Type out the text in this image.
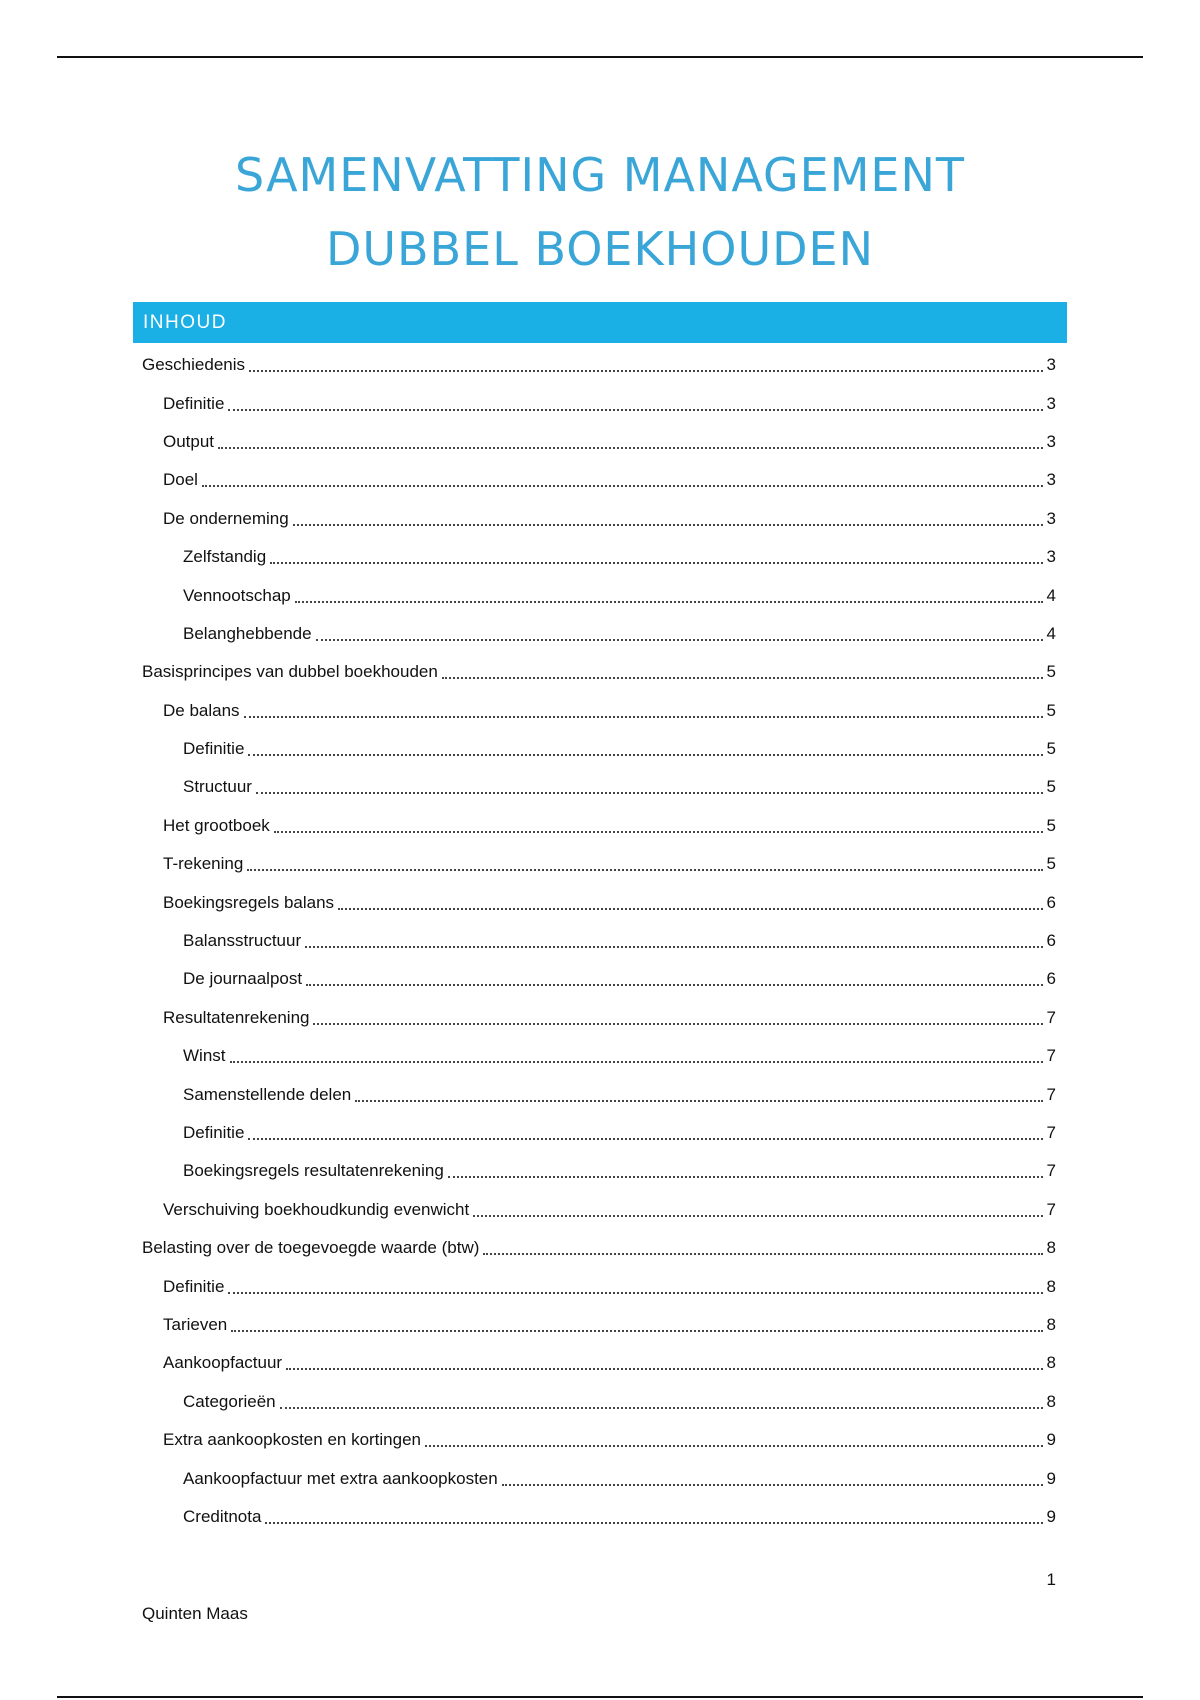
SAMENVATTING MANAGEMENT
DUBBEL BOEKHOUDEN
INHOUD
Geschiedenis	3
Definitie	3
Output	3
Doel	3
De onderneming	3
Zelfstandig	3
Vennootschap	4
Belanghebbende	4
Basisprincipes van dubbel boekhouden	5
De balans	5
Definitie	5
Structuur	5
Het grootboek	5
T-rekening	5
Boekingsregels balans	6
Balansstructuur	6
De journaalpost	6
Resultatenrekening	7
Winst	7
Samenstellende delen	7
Definitie	7
Boekingsregels resultatenrekening	7
Verschuiving boekhoudkundig evenwicht	7
Belasting over de toegevoegde waarde (btw)	8
Definitie	8
Tarieven	8
Aankoopfactuur	8
Categorieën	8
Extra aankoopkosten en kortingen	9
Aankoopfactuur met extra aankoopkosten	9
Creditnota	9
1
Quinten Maas
